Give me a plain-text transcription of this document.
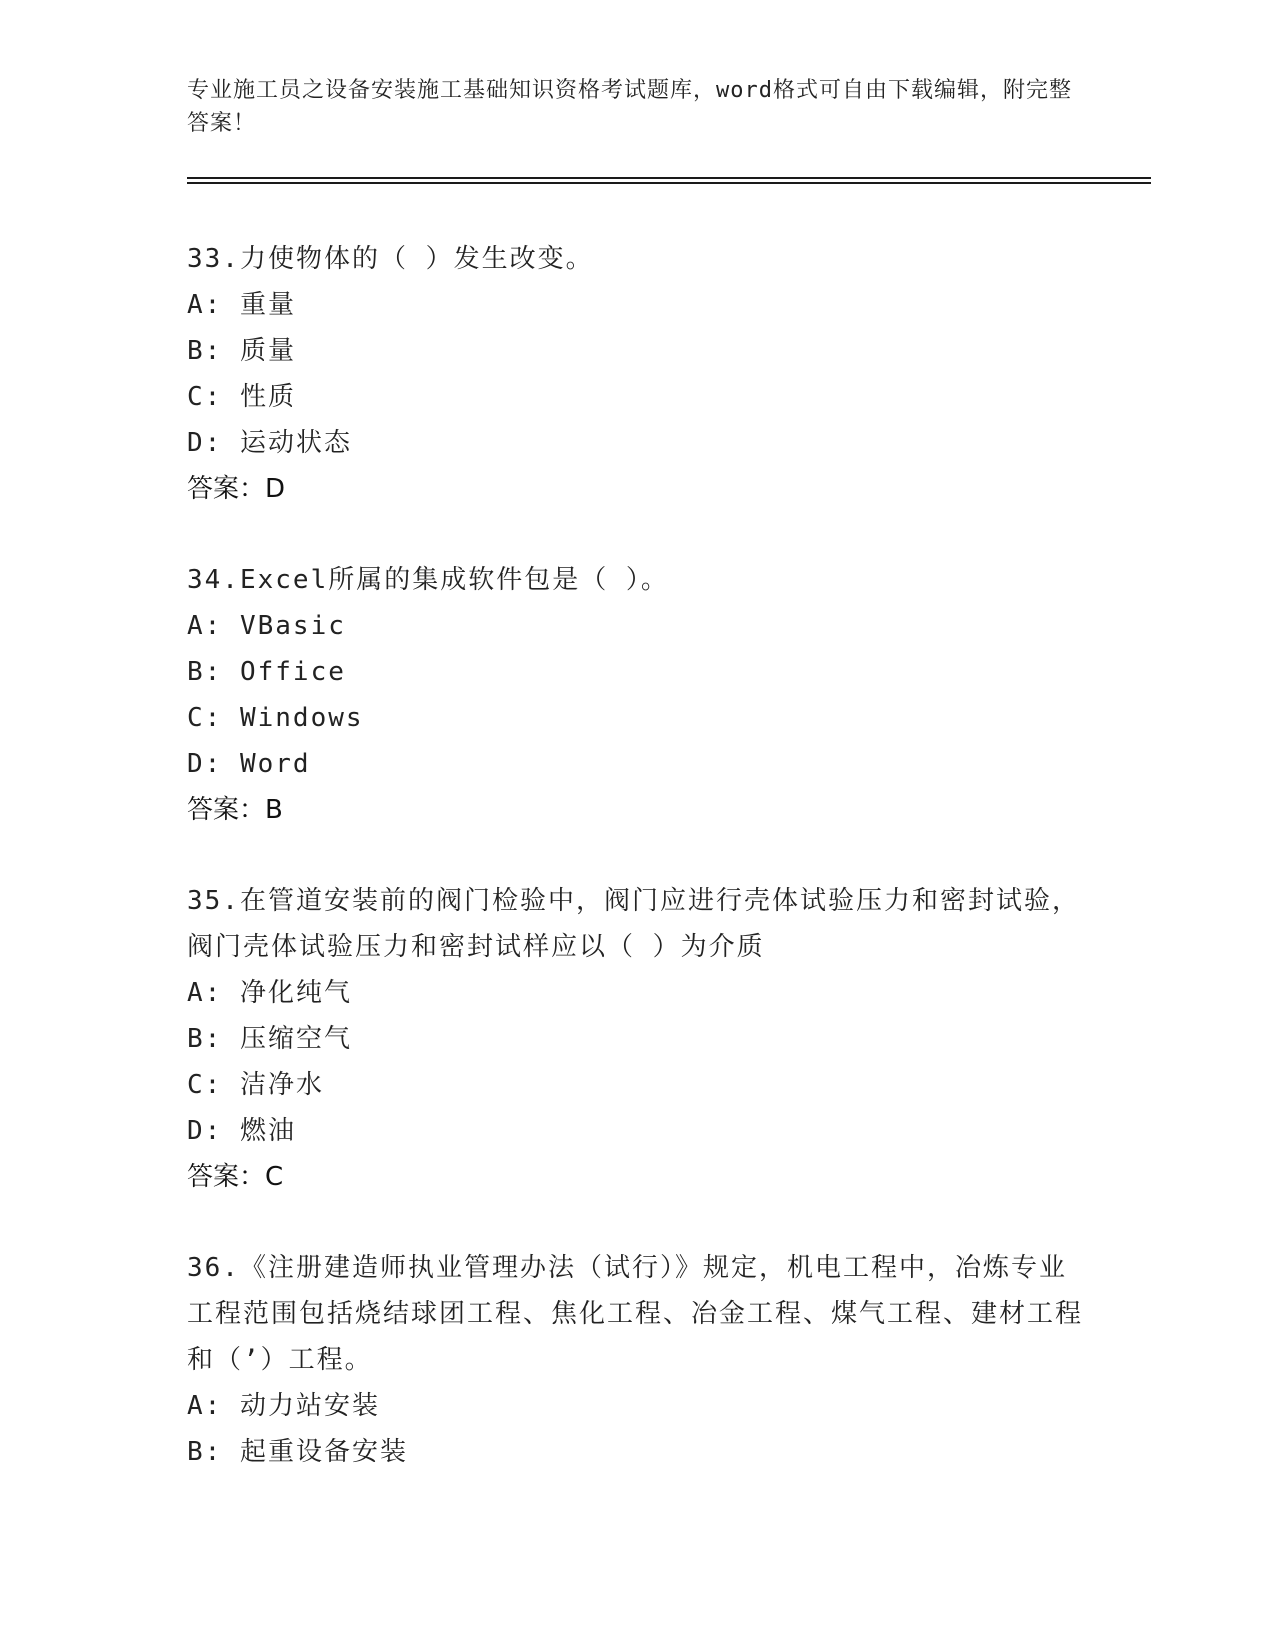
专业施工员之设备安装施工基础知识资格考试题库，word格式可自由下载编辑，附完整答案！
33.力使物体的（ ）发生改变。
A: 重量
B: 质量
C: 性质
D: 运动状态
答案：D
34.Excel所属的集成软件包是（ ）。
A: VBasic
B: Office
C: Windows
D: Word
答案：B
35.在管道安装前的阀门检验中，阀门应进行壳体试验压力和密封试验，阀门壳体试验压力和密封试样应以（ ）为介质
A: 净化纯气
B: 压缩空气
C: 洁净水
D: 燃油
答案：C
36.《注册建造师执业管理办法（试行）》规定，机电工程中，冶炼专业工程范围包括烧结球团工程、焦化工程、冶金工程、煤气工程、建材工程和（’）工程。
A: 动力站安装
B: 起重设备安装
